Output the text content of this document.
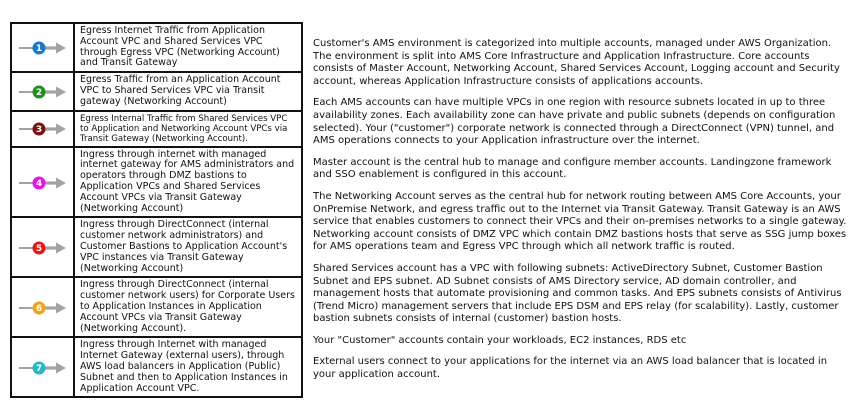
1	Egress Internet Traffic from Application Account VPC and Shared Services VPC through Egress VPC (Networking Account) and Transit Gateway

2	Egress Traffic from an Application Account VPC to Shared Services VPC via Transit gateway (Networking Account)

3	Egress Internal Traffic from Shared Services VPC to Application and Networking Account VPCs via Transit Gateway (Networking Account).

4	Ingress through internet with managed internet gateway for AMS administrators and operators through DMZ bastions to Application VPCs and Shared Services Account VPCs via Transit Gateway (Networking Account)

5	Ingress through DirectConnect (internal customer network administrators) and Customer Bastions to Application Account's VPC instances via Transit Gateway (Networking Account)

6	Ingress through DirectConnect (internal customer network users) for Corporate Users to Application Instances in Application Account VPCs via Transit Gateway (Networking Account).

7	Ingress through Internet with managed Internet Gateway (external users), through AWS load balancers in Application (Public) Subnet and then to Application Instances in Application Account VPC.

Customer's AMS environment is categorized into multiple accounts, managed under AWS Organization. The environment is split into AMS Core Infrastructure and Application Infrastructure. Core accounts consists of Master Account, Networking Account, Shared Services Account, Logging account and Security account, whereas Application Infrastructure consists of applications accounts.

Each AMS accounts can have multiple VPCs in one region with resource subnets located in up to three availability zones. Each availability zone can have private and public subnets (depends on configuration selected). Your ("customer") corporate network is connected through a DirectConnect (VPN) tunnel, and AMS operations connects to your Application infrastructure over the internet.

Master account is the central hub to manage and configure member accounts. Landingzone framework and SSO enablement is configured in this account.

The Networking Account serves as the central hub for network routing between AMS Core Accounts, your OnPremise Network, and egress traffic out to the Internet via Transit Gateway. Transit Gateway is an AWS service that enables customers to connect their VPCs and their on-premises networks to a single gateway. Networking account consists of DMZ VPC which contain DMZ bastions hosts that serve as SSG jump boxes for AMS operations team and Egress VPC through which all network traffic is routed.

Shared Services account has a VPC with following subnets: ActiveDirectory Subnet, Customer Bastion Subnet and EPS subnet. AD Subnet consists of AMS Directory service, AD domain controller, and management hosts that automate provisioning and common tasks. And EPS subnets consists of Antivirus (Trend Micro) management servers that include EPS DSM and EPS relay (for scalability). Lastly, customer bastion subnets consists of internal (customer) bastion hosts.

Your "Customer" accounts contain your workloads, EC2 instances, RDS etc

External users connect to your applications for the internet via an AWS load balancer that is located in your application account.
